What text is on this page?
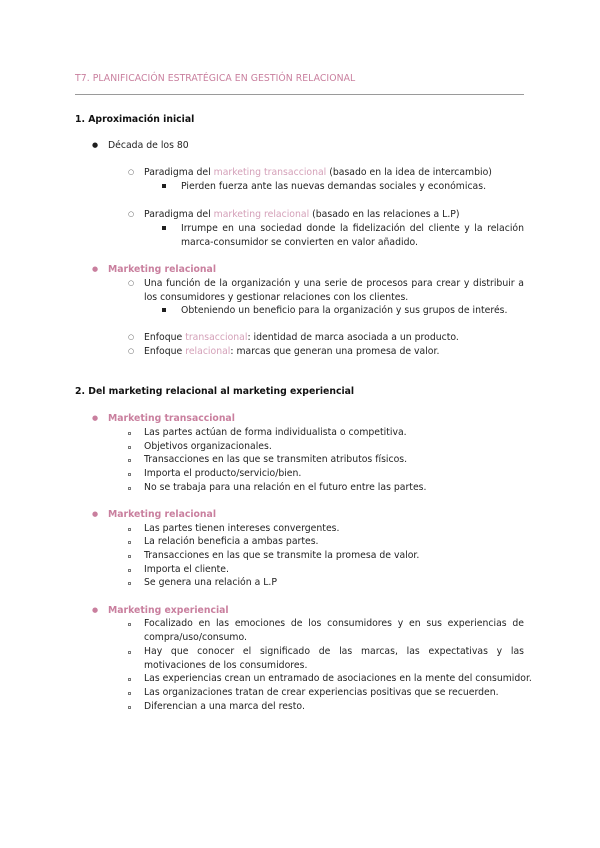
T7. PLANIFICACIÓN ESTRATÉGICA EN GESTIÓN RELACIONAL
1. Aproximación inicial
● Década de los 80
○ Paradigma del marketing transaccional (basado en la idea de intercambio)
Pierden fuerza ante las nuevas demandas sociales y económicas.
○ Paradigma del marketing relacional (basado en las relaciones a L.P)
Irrumpe en una sociedad donde la fidelización del cliente y la relación marca-consumidor se convierten en valor añadido.
● Marketing relacional
○ Una función de la organización y una serie de procesos para crear y distribuir a los consumidores y gestionar relaciones con los clientes.
Obteniendo un beneficio para la organización y sus grupos de interés.
○ Enfoque transaccional: identidad de marca asociada a un producto.
○ Enfoque relacional: marcas que generan una promesa de valor.
2. Del marketing relacional al marketing experiencial
● Marketing transaccional
Las partes actúan de forma individualista o competitiva.
Objetivos organizacionales.
Transacciones en las que se transmiten atributos físicos.
Importa el producto/servicio/bien.
No se trabaja para una relación en el futuro entre las partes.
● Marketing relacional
Las partes tienen intereses convergentes.
La relación beneficia a ambas partes.
Transacciones en las que se transmite la promesa de valor.
Importa el cliente.
Se genera una relación a L.P
● Marketing experiencial
Focalizado en las emociones de los consumidores y en sus experiencias de compra/uso/consumo.
Hay que conocer el significado de las marcas, las expectativas y las motivaciones de los consumidores.
Las experiencias crean un entramado de asociaciones en la mente del consumidor.
Las organizaciones tratan de crear experiencias positivas que se recuerden.
Diferencian a una marca del resto.
